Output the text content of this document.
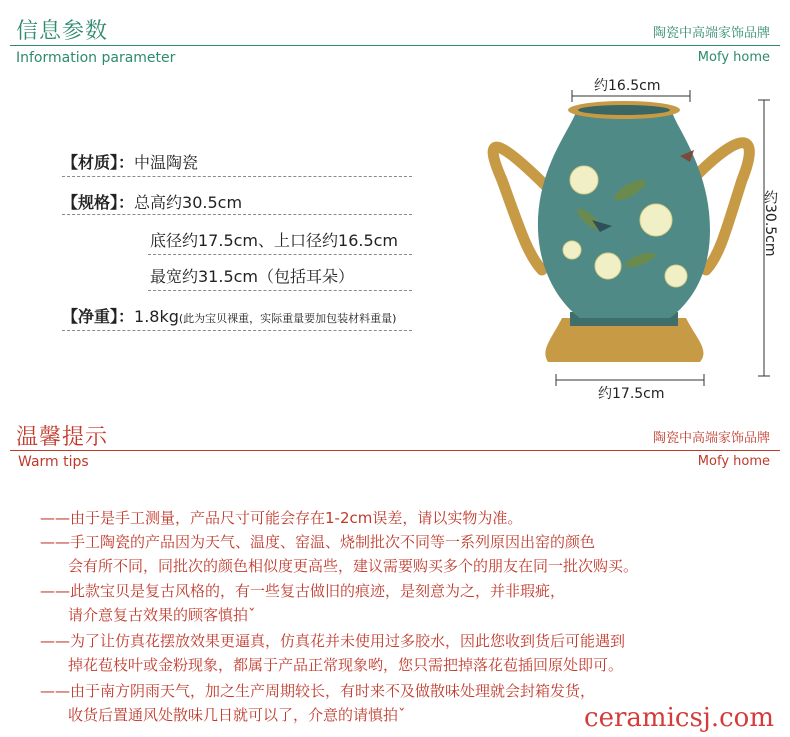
信息参数	陶瓷中高端家饰品牌
Information parameter	Mofy home
【材质】：中温陶瓷
【规格】：总高约30.5cm
底径约17.5cm、上口径约16.5cm
最宽约31.5cm（包括耳朵）
【净重】：1.8kg(此为宝贝裸重，实际重量要加包装材料重量)
约16.5cm
约30.5cm
约17.5cm
温馨提示	陶瓷中高端家饰品牌
Warm tips	Mofy home
——由于是手工测量，产品尺寸可能会存在1-2cm误差，请以实物为准。
——手工陶瓷的产品因为天气、温度、窑温、烧制批次不同等一系列原因出窑的颜色
会有所不同，同批次的颜色相似度更高些，建议需要购买多个的朋友在同一批次购买。
——此款宝贝是复古风格的，有一些复古做旧的痕迹，是刻意为之，并非瑕疵，
请介意复古效果的顾客慎拍ˇ
——为了让仿真花摆放效果更逼真，仿真花并未使用过多胶水，因此您收到货后可能遇到
掉花苞枝叶或金粉现象，都属于产品正常现象哟，您只需把掉落花苞插回原处即可。
——由于南方阴雨天气，加之生产周期较长，有时来不及做散味处理就会封箱发货，
收货后置通风处散味几日就可以了，介意的请慎拍ˇ	ceramicsj.com
